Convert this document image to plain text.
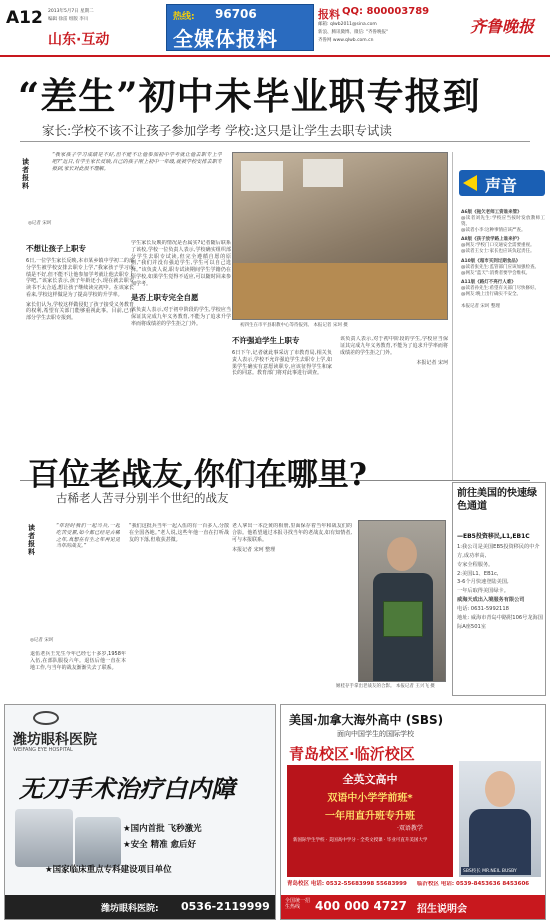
A12 2013年5月7日 星期二
编辑 徐雷 组版 李川
山东·互动
热线: 96706
全媒体报料
报料 QQ: 800003789
邮箱: qlwb2011@sina.com
新浪、腾讯微博、微信: "齐鲁晚报"
齐鲁网 www.qlwb.com.cn
齐鲁晚报
“差生”初中未毕业职专报到
家长:学校不该不让孩子参加学考 学校:这只是让学生去职专试读
读者报料
“我家孩子学习成绩是不好,但不能不让他参加初中学考就让他去职专上学吧?”近日,有学生家长反映,自己的孩子刚上初中一年级,就被学校安排去职专报到,家长对此很不理解。
◎记者 宋珂
不想让孩子上职专
6日,一位学生家长反映,本市某乡镇中学初二的部分学生被学校安排去职专上学,“我家孩子学习成绩是不好,但不能不让他参加学考就让他去职专上学吧。”该家长表示,孩子年龄还小,现在就去职专读书不太合适,想让孩子继续读完初中。在该家长看来,学校这样做是为了提高学校的升学率。
家长们认为,学校这样做侵犯了孩子接受义务教育的权利,希望有关部门能够重视此事。目前,已有部分学生去职专报到。
学生家长反映的情况是否属实?记者随后联系了该校,学校一位负责人表示,学校确实组织部分学生去职专试读,但完全遵循自愿的原则,“我们并没有强迫学生,学生可以自己选择。”该负责人说,职专试读期间学生学籍仍在原学校,如果学生觉得不适应,可以随时回来参加学考。
是否上职专完全自愿
该负责人表示,对于初中阶段的学生,学校应当保证其完成九年义务教育,不能为了追求升学率而将成绩差的学生拒之门外。	初四生在市平县职教中心等待报到。 本报记者 宋珂 摄
不许强迫学生上职专
6日下午,记者就此事采访了市教育局,相关负责人表示,学校不允许强迫学生去职专上学,如果学生确实有意愿读职专,应该征得学生和家长的同意。教育部门将对此事进行调查。
该负责人表示,对于初中阶段的学生,学校应当保证其完成九年义务教育,不能为了追求升学率而将成绩差的学生拒之门外。
本报记者 宋珂
声音
A6版《拖欠老师工资谁来管》
@读者刘先生:学校应当按时发放教师工资。
@读者小李:这种事情应该严查。
A8版《孩子放学路上谁来护》
@网友:学校门口交通安全需要重视。
@读者王女士:家长也应该负起责任。
A10版《超市买到过期食品》
@读者张先生:监管部门应该加强检查。
@网友“蓝天”:消费者要学会维权。
A11版《路灯不亮行人难》
@读者孙先生:希望有关部门尽快修好。
@网友:晚上出行确实不安全。
本报记者 宋珂 整理
百位老战友,你们在哪里?
古稀老人苦寻分别半个世纪的战友
读者报料
“年轻时我们一起当兵,一起吃苦受累,如今都已经是古稀之年,真想在有生之年再见见当年的战友。”
◎记者 宋珂
退伍老兵王先生今年已经七十多岁,1958年入伍,在部队服役六年。退伍后他一直在本地工作,与当年的战友渐渐失去了联系。
“我们这批兵当年一起入伍的有一百多人,分散在全国各地。”老人说,这些年他一直在打听战友的下落,但收获甚微。
老人拿出一本泛黄的相册,里面保存着当年和战友们的合影。他希望通过本报寻找当年的老战友,如有知情者,可与本报联系。
本报记者 宋珂 整理
姬桂存手拿出老战友的合影。 本报记者 王兴飞 摄
前往美国的快速绿色通道
—EB5投资移民,L1,EB1C
1:我公司是美国EB5投资移民的中介方,成功率高,
专家全程服务。
2:美国L1、EB1c,
3-6个月快速登陆美国,
一年后取得美国绿卡。
威海天成出入境服务有限公司
电话: 0631-5992118
地址: 威海市青岛中路附106号龙海国际A座501室
潍坊眼科医院
WEIFANG EYE HOSPITAL
无刀手术治疗白内障
★国内首批 飞秒激光
★安全 精准 愈后好
★国家临床重点专科建设项目单位
潍坊眼科医院: 0536-2119999
美国·加拿大海外高中 (SBS)
面向中国学生的国际学校
青岛校区·临沂校区
全英文高中
双语中小学学前班*
一年用直升班专升班
·双语教学
新国际学生学校 · 美国高中学分 · 全英文授课 · 毕业可直升美国大学
SBS校长 MR.NEIL BUSBY
青岛校区 电话: 0532-55683998 55683999 临沂校区 电话: 0539-8453636 8453606
全国统一招生热线	400 000 4727 招生说明会
